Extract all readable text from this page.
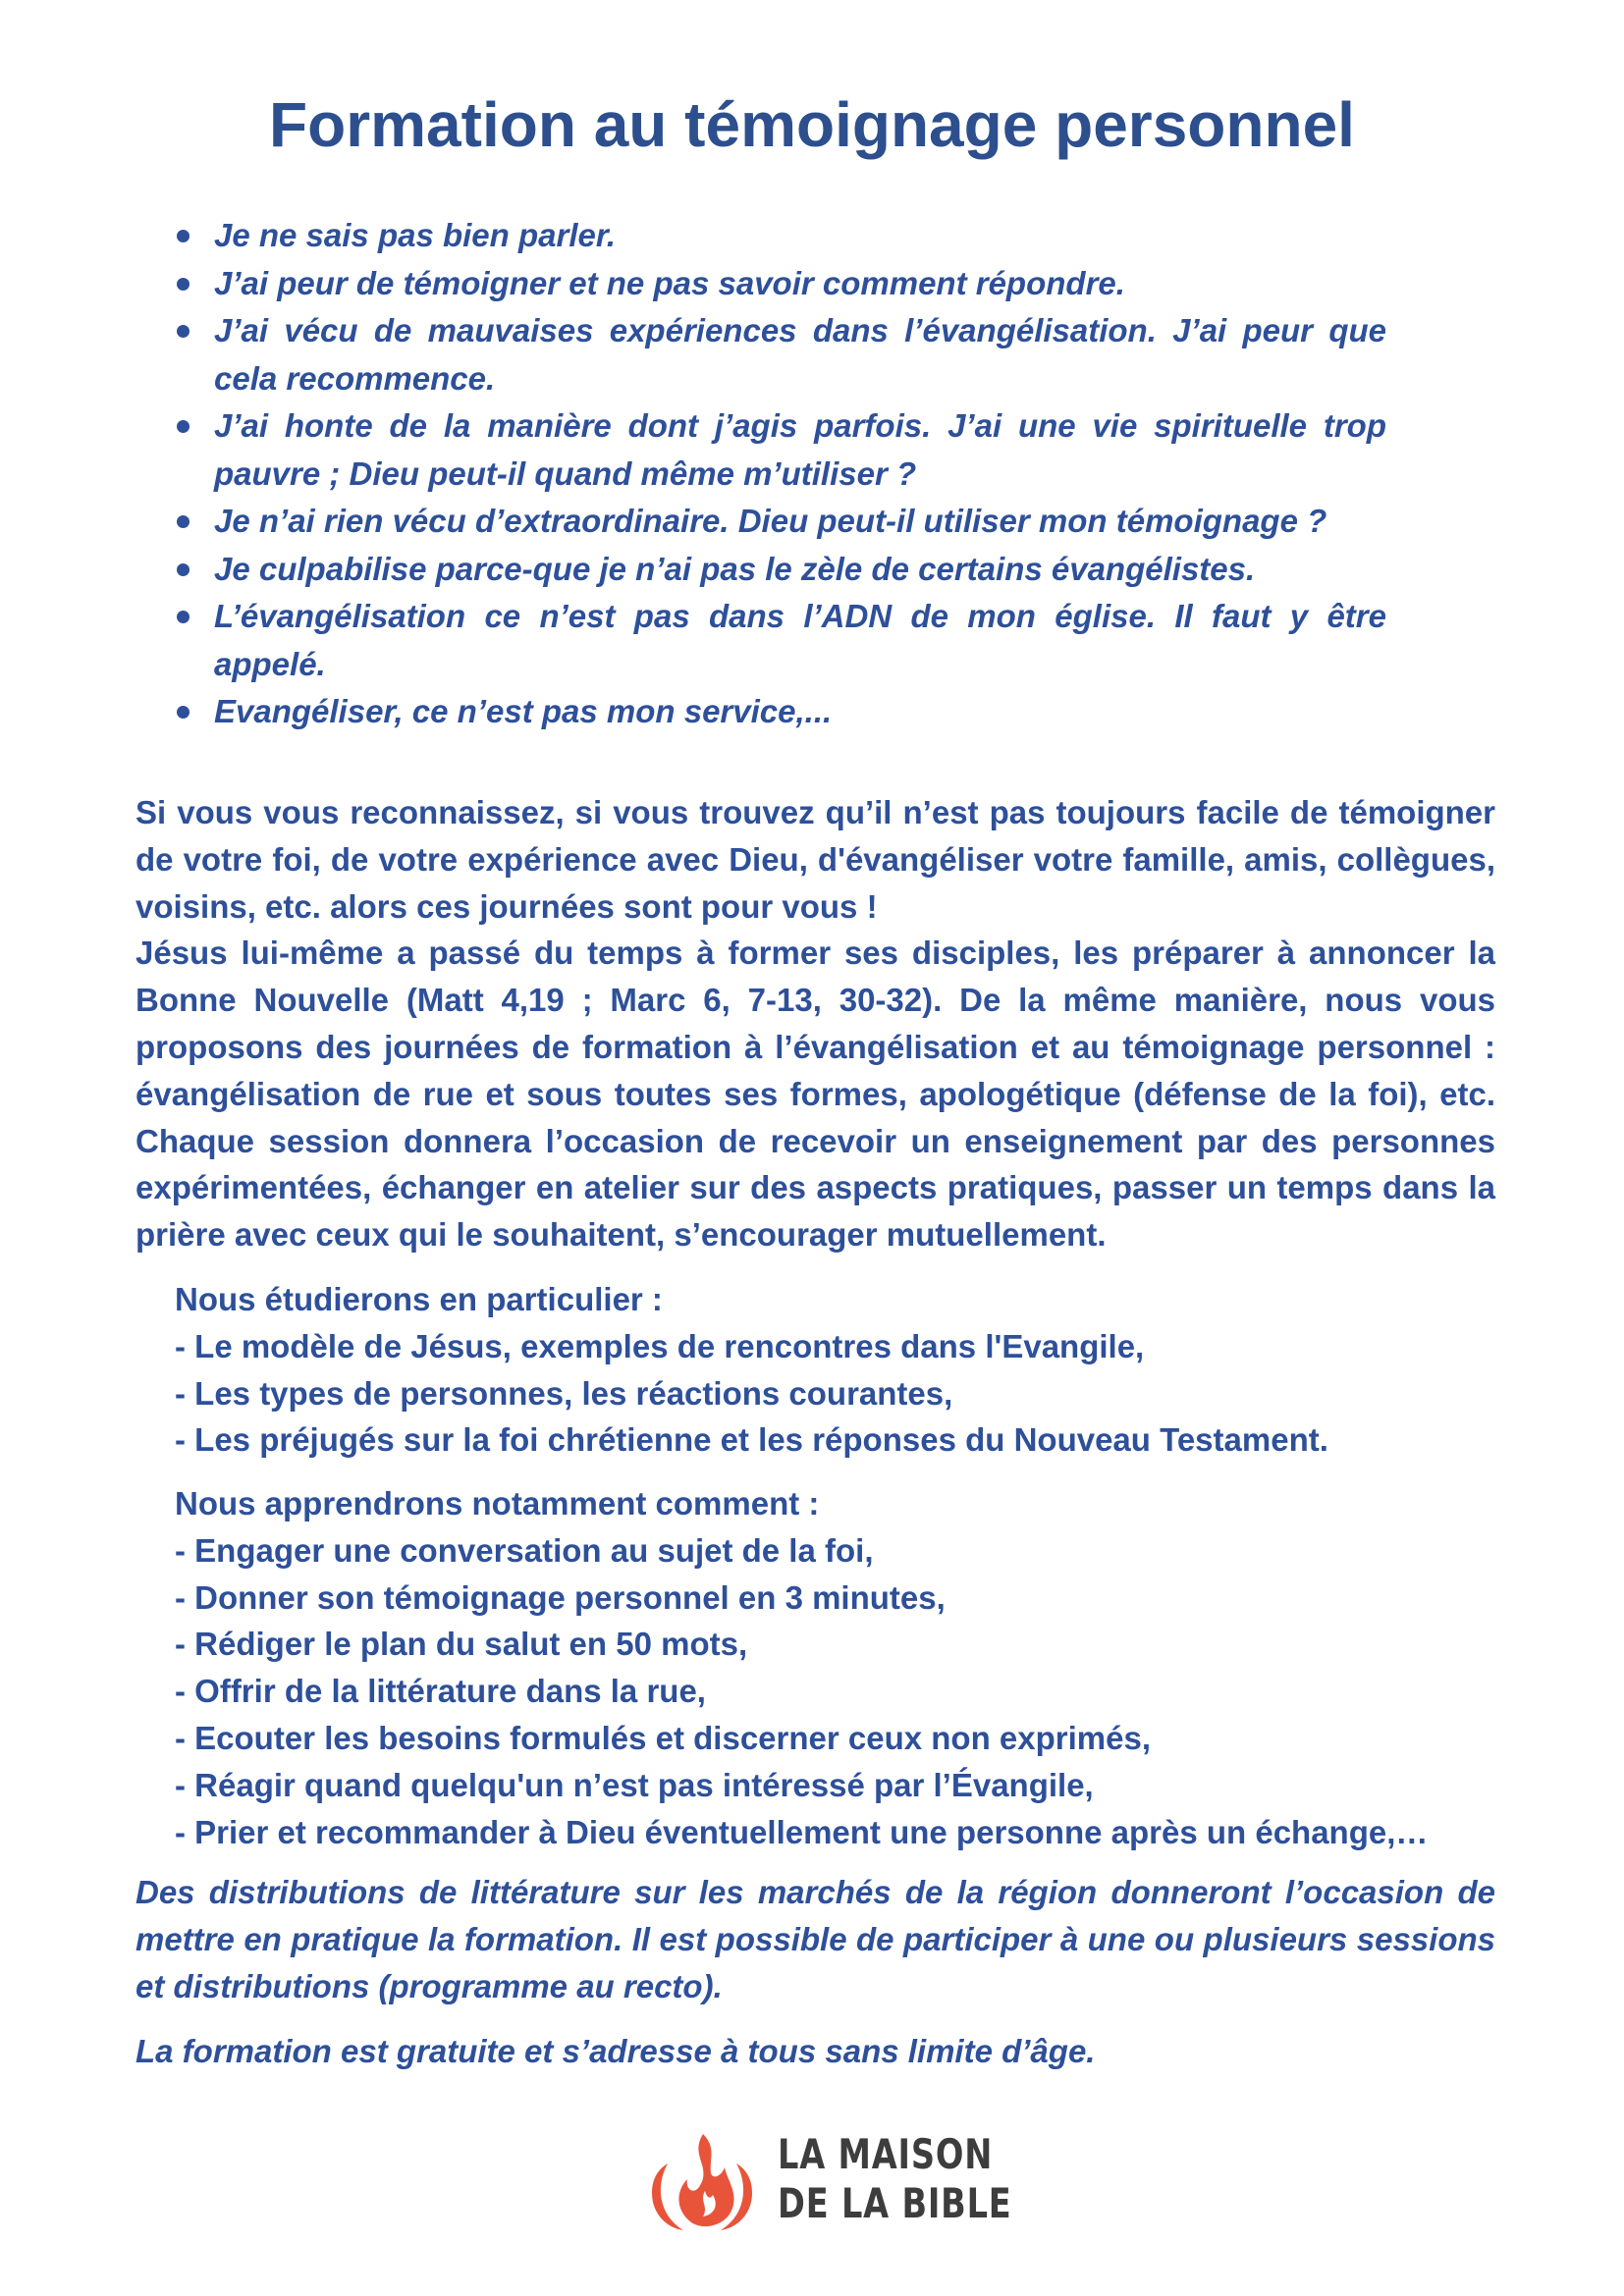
Formation au témoignage personnel
Je ne sais pas bien parler.
J’ai peur de témoigner et ne pas savoir comment répondre.
J’ai vécu de mauvaises expériences dans l’évangélisation. J’ai peur que cela recommence.
J’ai honte de la manière dont j’agis parfois. J’ai une vie spirituelle trop pauvre ; Dieu peut-il quand même m’utiliser ?
Je n’ai rien vécu d’extraordinaire. Dieu peut-il utiliser mon témoignage ?
Je culpabilise parce-que je n’ai pas le zèle de certains évangélistes.
L’évangélisation ce n’est pas dans l’ADN de mon église. Il faut y être appelé.
Evangéliser, ce n’est pas mon service,...

Si vous vous reconnaissez, si vous trouvez qu’il n’est pas toujours facile de témoigner de votre foi, de votre expérience avec Dieu, d'évangéliser votre famille, amis, collègues, voisins, etc. alors ces journées sont pour vous !

Jésus lui-même a passé du temps à former ses disciples, les préparer à annoncer la Bonne Nouvelle (Matt 4,19 ; Marc 6, 7-13, 30-32). De la même manière, nous vous proposons des journées de formation à l’évangélisation et au témoignage personnel : évangélisation de rue et sous toutes ses formes, apologétique (défense de la foi), etc. Chaque session donnera l’occasion de recevoir un enseignement par des personnes expérimentées, échanger en atelier sur des aspects pratiques, passer un temps dans la prière avec ceux qui le souhaitent, s’encourager mutuellement.

Nous étudierons en particulier :

- Le modèle de Jésus, exemples de rencontres dans l'Evangile,
- Les types de personnes, les réactions courantes,
- Les préjugés sur la foi chrétienne et les réponses du Nouveau Testament.

Nous apprendrons notamment comment :

- Engager une conversation au sujet de la foi,
- Donner son témoignage personnel en 3 minutes,
- Rédiger le plan du salut en 50 mots,
- Offrir de la littérature dans la rue,
- Ecouter les besoins formulés et discerner ceux non exprimés,
- Réagir quand quelqu'un n’est pas intéressé par l’Évangile,
- Prier et recommander à Dieu éventuellement une personne après un échange,…

Des distributions de littérature sur les marchés de la région donneront l’occasion de mettre en pratique la formation. Il est possible de participer à une ou plusieurs sessions et distributions (programme au recto).

La formation est gratuite et s’adresse à tous sans limite d’âge.

LA MAISON
DE LA BIBLE
